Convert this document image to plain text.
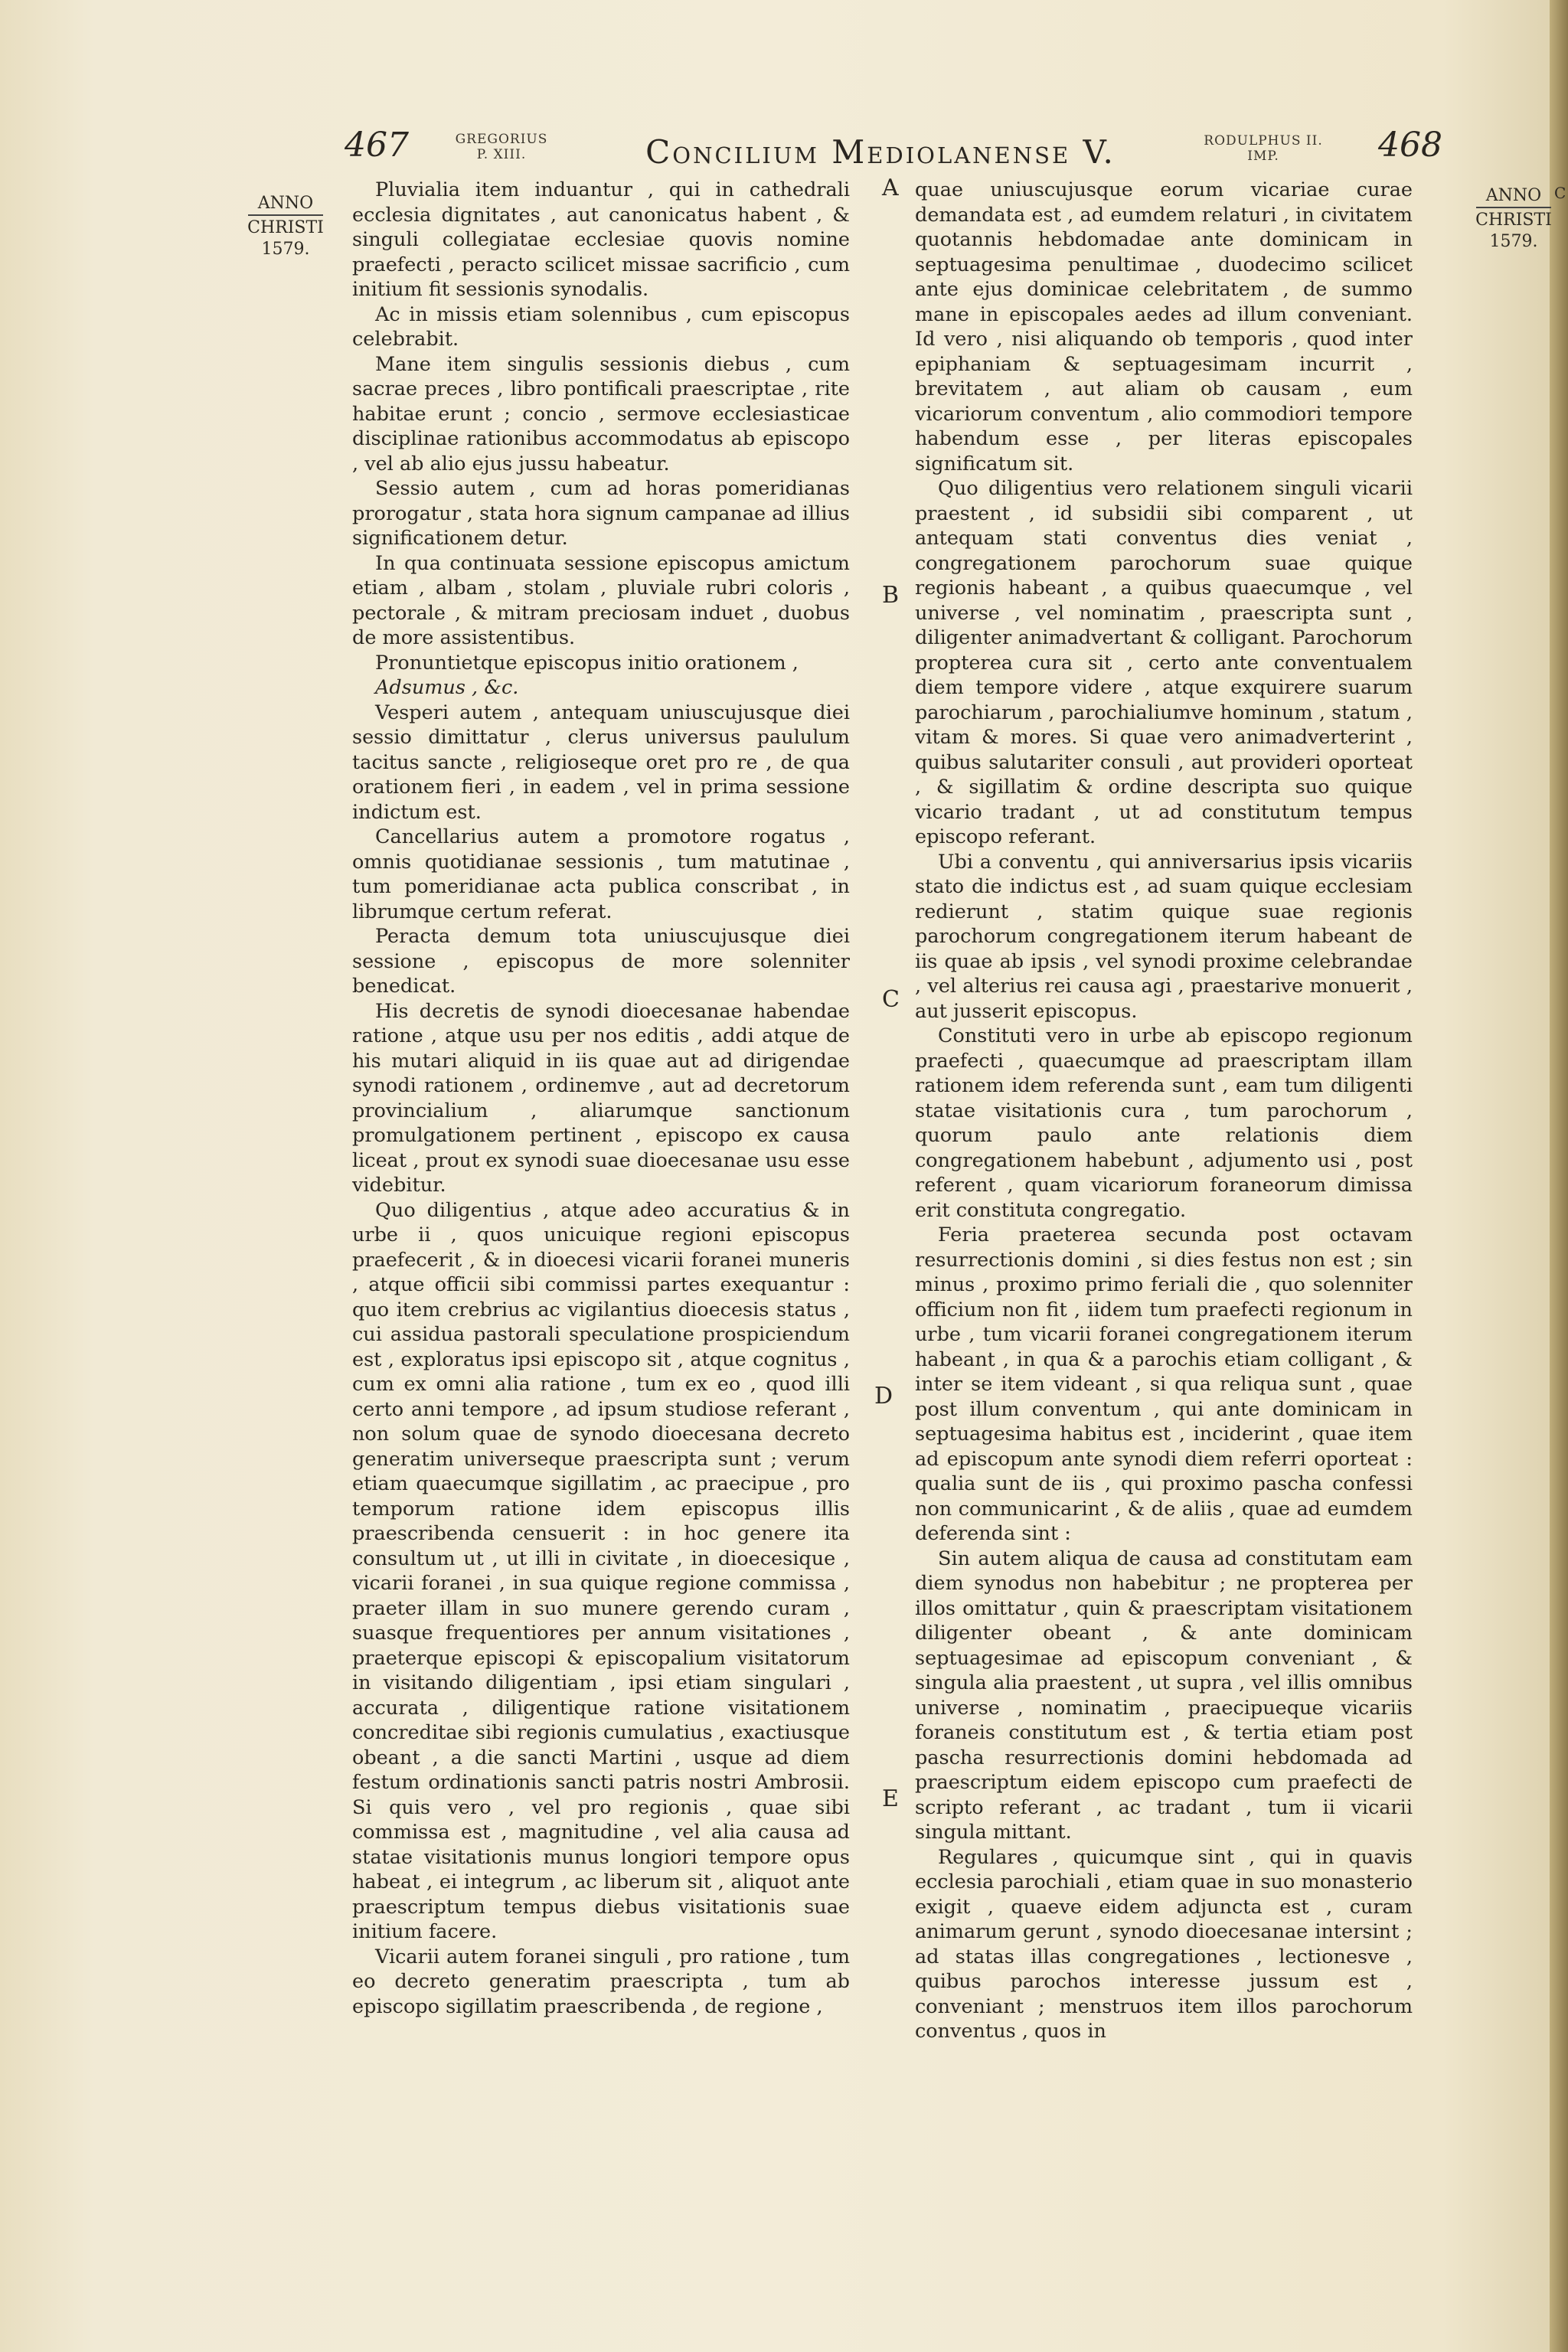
C
467	GREGORIUS
P. XIII.	Concilium Mediolanense V.	RODULPHUS II.
IMP.	468
ANNO
CHRISTI
1579.
ANNO
CHRISTI
1579.
A
B
C
D
E

Pluvialia item induantur , qui in cathedrali ecclesia dignitates , aut canonicatus habent , & singuli collegiatae ecclesiae quovis nomine praefecti , peracto scilicet missae sacrificio , cum initium fit sessionis synodalis.

Ac in missis etiam solennibus , cum episcopus celebrabit.

Mane item singulis sessionis diebus , cum sacrae preces , libro pontificali praescriptae , rite habitae erunt ; concio , sermove ecclesiasticae disciplinae rationibus accommodatus ab episcopo , vel ab alio ejus jussu habeatur.

Sessio autem , cum ad horas pomeridianas prorogatur , stata hora signum campanae ad illius significationem detur.

In qua continuata sessione episcopus amictum etiam , albam , stolam , pluviale rubri coloris , pectorale , & mitram preciosam induet , duobus de more assistentibus.

Pronuntietque episcopus initio orationem ,

Adsumus , &c.

Vesperi autem , antequam uniuscujusque diei sessio dimittatur , clerus universus paululum tacitus sancte , religioseque oret pro re , de qua orationem fieri , in eadem , vel in prima sessione indictum est.

Cancellarius autem a promotore rogatus , omnis quotidianae sessionis , tum matutinae , tum pomeridianae acta publica conscribat , in librumque certum referat.

Peracta demum tota uniuscujusque diei sessione , episcopus de more solenniter benedicat.

His decretis de synodi dioecesanae habendae ratione , atque usu per nos editis , addi atque de his mutari aliquid in iis quae aut ad dirigendae synodi rationem , ordinemve , aut ad decretorum provincialium , aliarumque sanctionum promulgationem pertinent , episcopo ex causa liceat , prout ex synodi suae dioecesanae usu esse videbitur.

Quo diligentius , atque adeo accuratius & in urbe ii , quos unicuique regioni episcopus praefecerit , & in dioecesi vicarii foranei muneris , atque officii sibi commissi partes exequantur : quo item crebrius ac vigilantius dioecesis status , cui assidua pastorali speculatione prospiciendum est , exploratus ipsi episcopo sit , atque cognitus , cum ex omni alia ratione , tum ex eo , quod illi certo anni tempore , ad ipsum studiose referant , non solum quae de synodo dioecesana decreto generatim universeque praescripta sunt ; verum etiam quaecumque sigillatim , ac praecipue , pro temporum ratione idem episcopus illis praescribenda censuerit : in hoc genere ita consultum ut , ut illi in civitate , in dioecesique , vicarii foranei , in sua quique regione commissa , praeter illam in suo munere gerendo curam , suasque frequentiores per annum visitationes , praeterque episcopi & episcopalium visitatorum in visitando diligentiam , ipsi etiam singulari , accurata , diligentique ratione visitationem concreditae sibi regionis cumulatius , exactiusque obeant , a die sancti Martini , usque ad diem festum ordinationis sancti patris nostri Ambrosii. Si quis vero , vel pro regionis , quae sibi commissa est , magnitudine , vel alia causa ad statae visitationis munus longiori tempore opus habeat , ei integrum , ac liberum sit , aliquot ante praescriptum tempus diebus visitationis suae initium facere.

Vicarii autem foranei singuli , pro ratione , tum eo decreto generatim praescripta , tum ab episcopo sigillatim praescribenda , de regione ,

quae uniuscujusque eorum vicariae curae demandata est , ad eumdem relaturi , in civitatem quotannis hebdomadae ante dominicam in septuagesima penultimae , duodecimo scilicet ante ejus dominicae celebritatem , de summo mane in episcopales aedes ad illum conveniant. Id vero , nisi aliquando ob temporis , quod inter epiphaniam & septuagesimam incurrit , brevitatem , aut aliam ob causam , eum vicariorum conventum , alio commodiori tempore habendum esse , per literas episcopales significatum sit.

Quo diligentius vero relationem singuli vicarii praestent , id subsidii sibi comparent , ut antequam stati conventus dies veniat , congregationem parochorum suae quique regionis habeant , a quibus quaecumque , vel universe , vel nominatim , praescripta sunt , diligenter animadvertant & colligant. Parochorum propterea cura sit , certo ante conventualem diem tempore videre , atque exquirere suarum parochiarum , parochialiumve hominum , statum , vitam & mores. Si quae vero animadverterint , quibus salutariter consuli , aut provideri oporteat , & sigillatim & ordine descripta suo quique vicario tradant , ut ad constitutum tempus episcopo referant.

Ubi a conventu , qui anniversarius ipsis vicariis stato die indictus est , ad suam quique ecclesiam redierunt , statim quique suae regionis parochorum congregationem iterum habeant de iis quae ab ipsis , vel synodi proxime celebrandae , vel alterius rei causa agi , praestarive monuerit , aut jusserit episcopus.

Constituti vero in urbe ab episcopo regionum praefecti , quaecumque ad praescriptam illam rationem idem referenda sunt , eam tum diligenti statae visitationis cura , tum parochorum , quorum paulo ante relationis diem congregationem habebunt , adjumento usi , post referent , quam vicariorum foraneorum dimissa erit constituta congregatio.

Feria praeterea secunda post octavam resurrectionis domini , si dies festus non est ; sin minus , proximo primo feriali die , quo solenniter officium non fit , iidem tum praefecti regionum in urbe , tum vicarii foranei congregationem iterum habeant , in qua & a parochis etiam colligant , & inter se item videant , si qua reliqua sunt , quae post illum conventum , qui ante dominicam in septuagesima habitus est , inciderint , quae item ad episcopum ante synodi diem referri oporteat : qualia sunt de iis , qui proximo pascha confessi non communicarint , & de aliis , quae ad eumdem deferenda sint :

Sin autem aliqua de causa ad constitutam eam diem synodus non habebitur ; ne propterea per illos omittatur , quin & praescriptam visitationem diligenter obeant , & ante dominicam septuagesimae ad episcopum conveniant , & singula alia praestent , ut supra , vel illis omnibus universe , nominatim , praecipueque vicariis foraneis constitutum est , & tertia etiam post pascha resurrectionis domini hebdomada ad praescriptum eidem episcopo cum praefecti de scripto referant , ac tradant , tum ii vicarii singula mittant.

Regulares , quicumque sint , qui in quavis ecclesia parochiali , etiam quae in suo monasterio exigit , quaeve eidem adjuncta est , curam animarum gerunt , synodo dioecesanae intersint ; ad statas illas congregationes , lectionesve , quibus parochos interesse jussum est , conveniant ; menstruos item illos parochorum conventus , quos in
